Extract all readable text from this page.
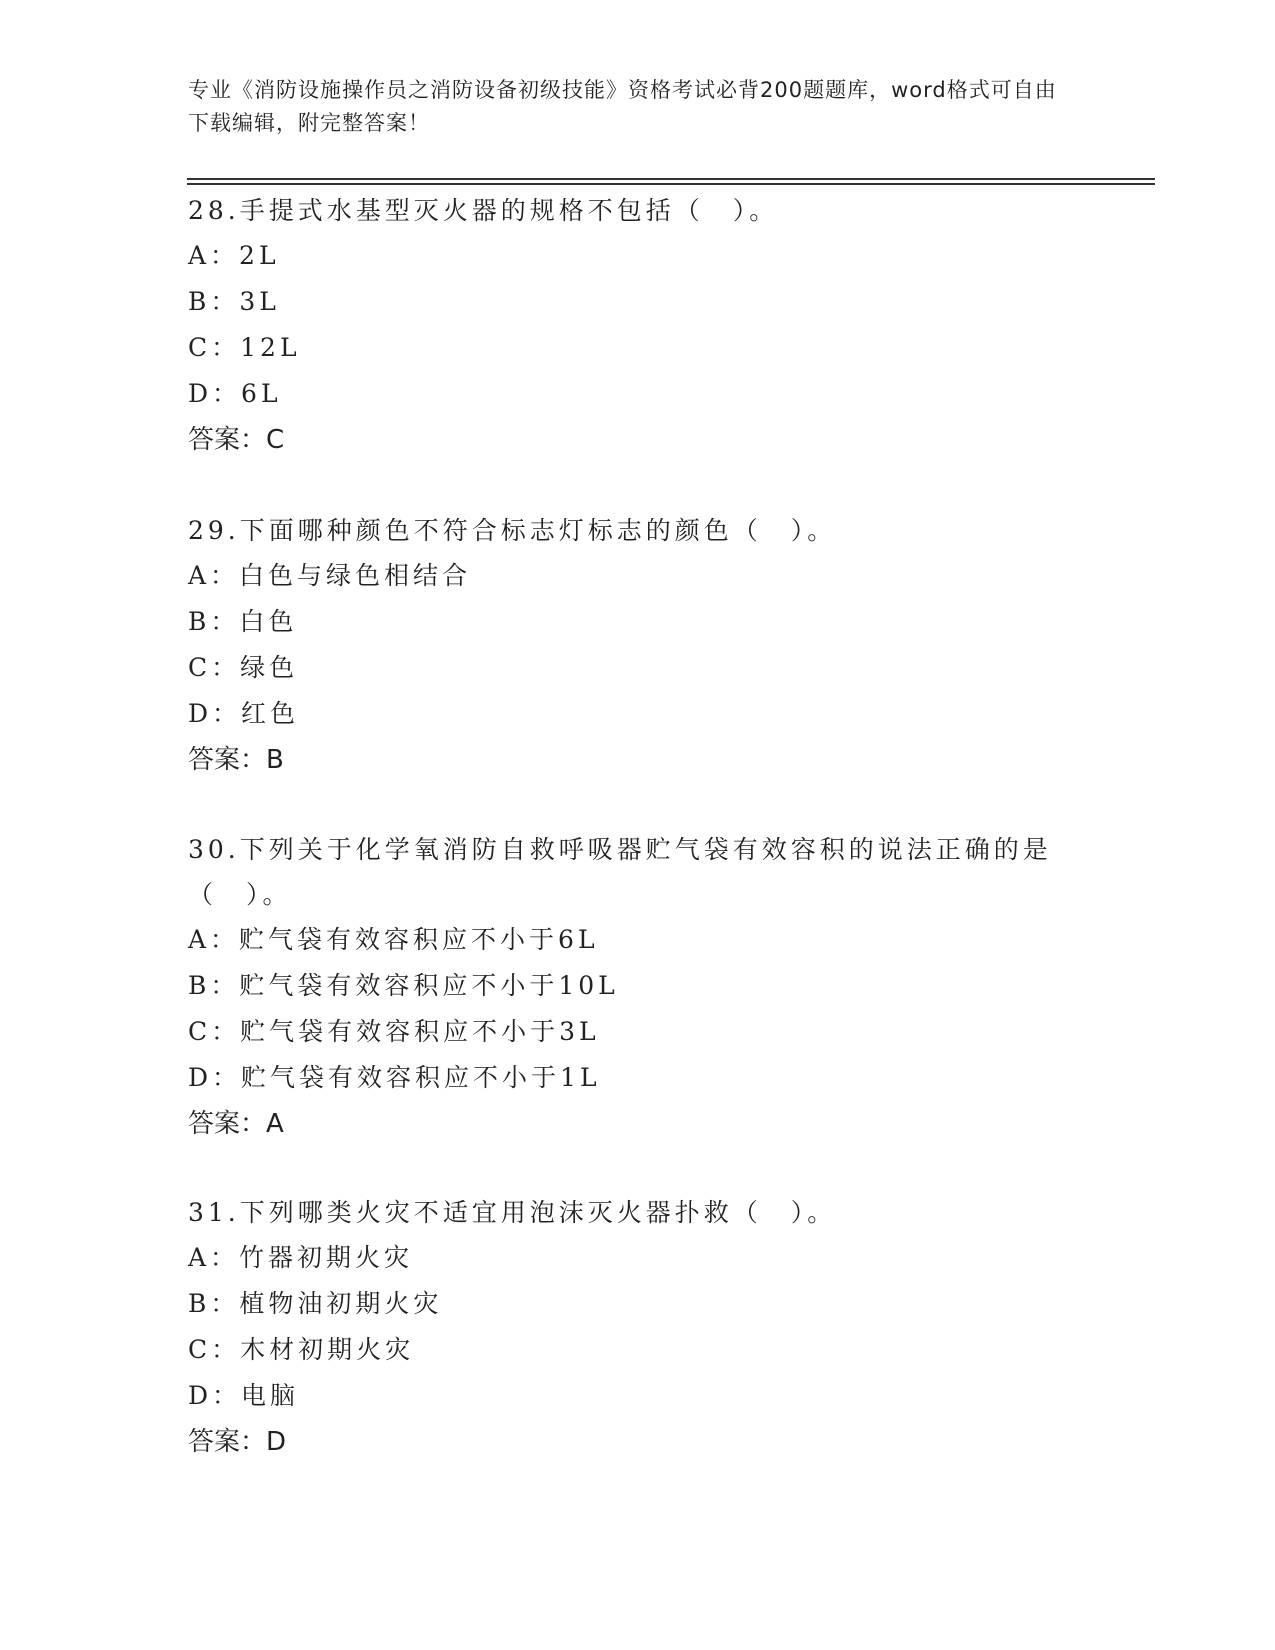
专业《消防设施操作员之消防设备初级技能》资格考试必背200题题库，word格式可自由下载编辑，附完整答案！
28.手提式水基型灭火器的规格不包括（　）。
A：2L
B：3L
C：12L
D：6L
答案：C
29.下面哪种颜色不符合标志灯标志的颜色（　）。
A：白色与绿色相结合
B：白色
C：绿色
D：红色
答案：B
30.下列关于化学氧消防自救呼吸器贮气袋有效容积的说法正确的是（　）。
A：贮气袋有效容积应不小于6L
B：贮气袋有效容积应不小于10L
C：贮气袋有效容积应不小于3L
D：贮气袋有效容积应不小于1L
答案：A
31.下列哪类火灾不适宜用泡沫灭火器扑救（　）。
A：竹器初期火灾
B：植物油初期火灾
C：木材初期火灾
D：电脑
答案：D
